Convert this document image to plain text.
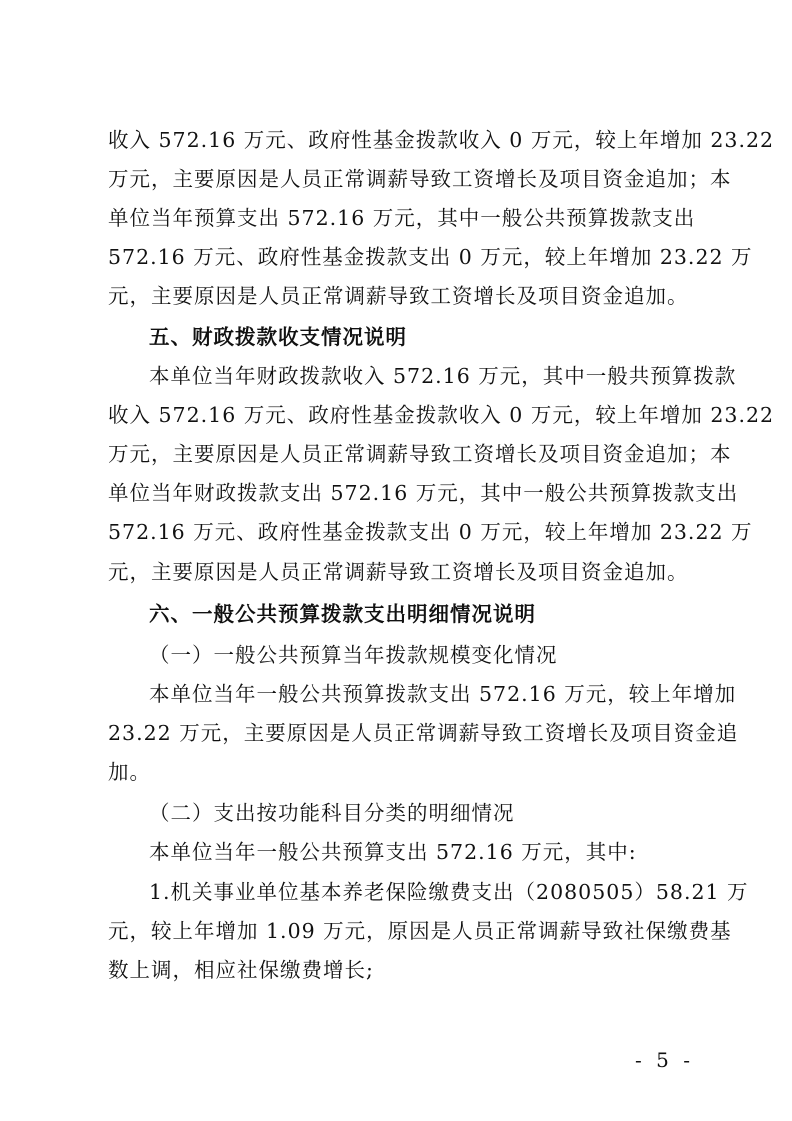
收入 572.16 万元、政府性基金拨款收入 0 万元，较上年增加 23.22
万元，主要原因是人员正常调薪导致工资增长及项目资金追加；本
单位当年预算支出 572.16 万元，其中一般公共预算拨款支出
572.16 万元、政府性基金拨款支出 0 万元，较上年增加 23.22 万
元，主要原因是人员正常调薪导致工资增长及项目资金追加。
五、财政拨款收支情况说明
本单位当年财政拨款收入 572.16 万元，其中一般共预算拨款
收入 572.16 万元、政府性基金拨款收入 0 万元，较上年增加 23.22
万元，主要原因是人员正常调薪导致工资增长及项目资金追加；本
单位当年财政拨款支出 572.16 万元，其中一般公共预算拨款支出
572.16 万元、政府性基金拨款支出 0 万元，较上年增加 23.22 万
元，主要原因是人员正常调薪导致工资增长及项目资金追加。
六、一般公共预算拨款支出明细情况说明
（一）一般公共预算当年拨款规模变化情况
本单位当年一般公共预算拨款支出 572.16 万元，较上年增加
23.22 万元，主要原因是人员正常调薪导致工资增长及项目资金追
加。
（二）支出按功能科目分类的明细情况
本单位当年一般公共预算支出 572.16 万元，其中:
1.机关事业单位基本养老保险缴费支出（2080505）58.21 万
元，较上年增加 1.09 万元，原因是人员正常调薪导致社保缴费基
数上调，相应社保缴费增长;
- 5 -
